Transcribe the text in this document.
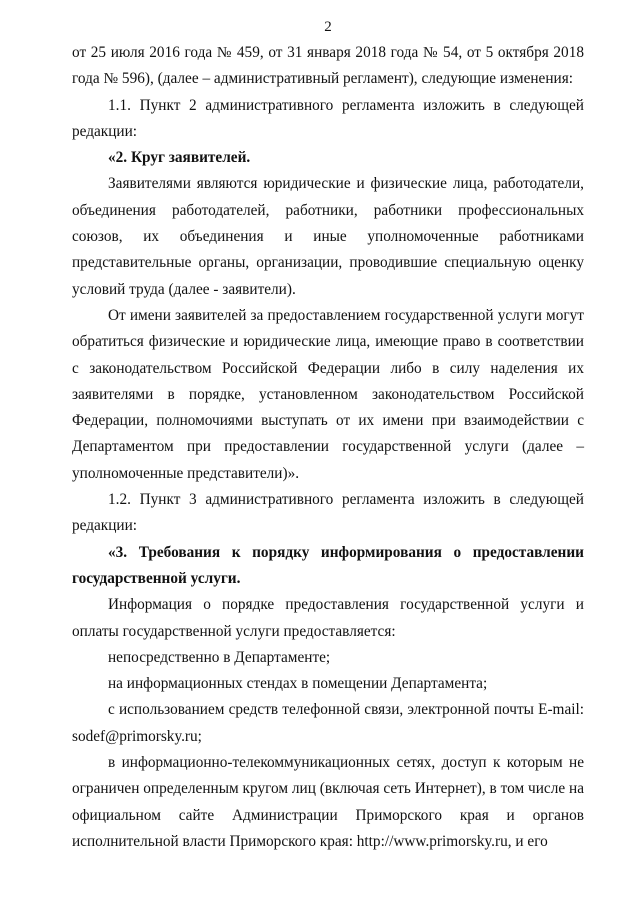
2

от 25 июля 2016 года № 459, от 31 января 2018 года № 54, от 5 октября 2018 года № 596), (далее – административный регламент), следующие изменения:

1.1. Пункт 2 административного регламента изложить в следующей редакции:

«2. Круг заявителей.

Заявителями являются юридические и физические лица, работодатели, объединения работодателей, работники, работники профессиональных союзов, их объединения и иные уполномоченные работниками представительные органы, организации, проводившие специальную оценку условий труда (далее - заявители).

От имени заявителей за предоставлением государственной услуги могут обратиться физические и юридические лица, имеющие право в соответствии с законодательством Российской Федерации либо в силу наделения их заявителями в порядке, установленном законодательством Российской Федерации, полномочиями выступать от их имени при взаимодействии с Департаментом при предоставлении государственной услуги (далее – уполномоченные представители)».

1.2. Пункт 3 административного регламента изложить в следующей редакции:

«3. Требования к порядку информирования о предоставлении государственной услуги.

Информация о порядке предоставления государственной услуги и оплаты государственной услуги предоставляется:

непосредственно в Департаменте;

на информационных стендах в помещении Департамента;

с использованием средств телефонной связи, электронной почты E-mail: sodef@primorsky.ru;

в информационно-телекоммуникационных сетях, доступ к которым не ограничен определенным кругом лиц (включая сеть Интернет), в том числе на официальном сайте Администрации Приморского края и органов исполнительной власти Приморского края: http://www.primorsky.ru, и его
